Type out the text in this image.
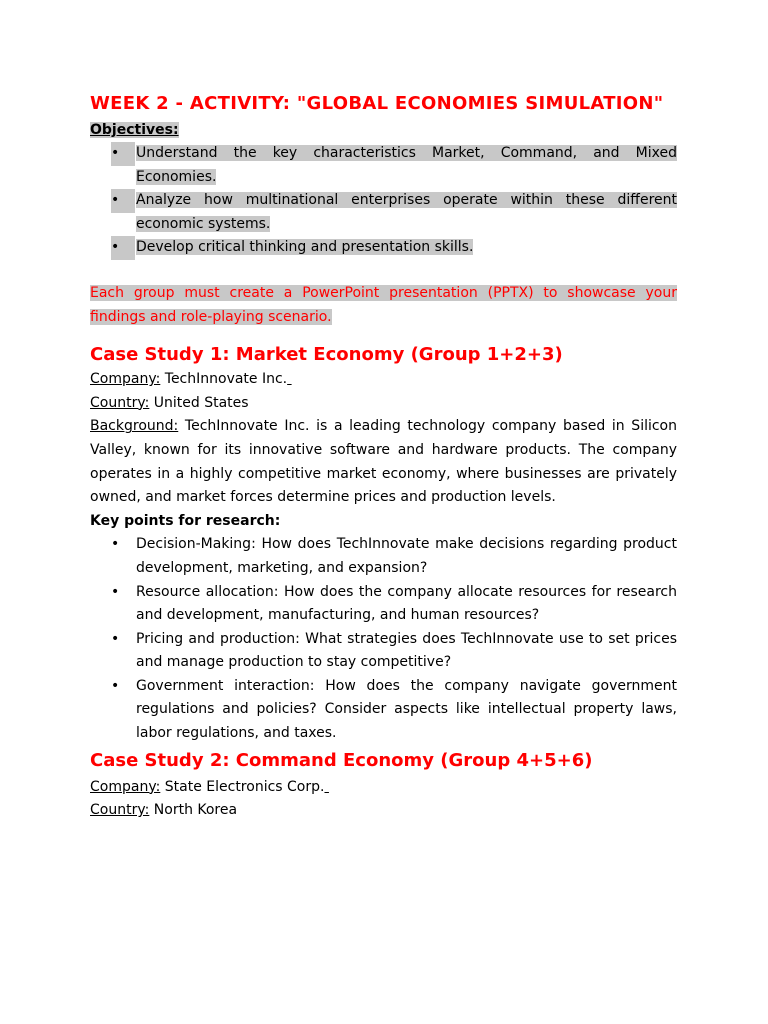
WEEK 2 - ACTIVITY: "GLOBAL ECONOMIES SIMULATION"

Objectives:

•	Understand the key characteristics Market, Command, and Mixed Economies.
•	Analyze how multinational enterprises operate within these different economic systems.
•	Develop critical thinking and presentation skills.

Each group must create a PowerPoint presentation (PPTX) to showcase your findings and role-playing scenario.

Case Study 1: Market Economy (Group 1+2+3)

Company: TechInnovate Inc.

Country: United States

Background: TechInnovate Inc. is a leading technology company based in Silicon Valley, known for its innovative software and hardware products. The company operates in a highly competitive market economy, where businesses are privately owned, and market forces determine prices and production levels.

Key points for research:

• Decision-Making: How does TechInnovate make decisions regarding product development, marketing, and expansion?
• Resource allocation: How does the company allocate resources for research and development, manufacturing, and human resources?
• Pricing and production: What strategies does TechInnovate use to set prices and manage production to stay competitive?
• Government interaction: How does the company navigate government regulations and policies? Consider aspects like intellectual property laws, labor regulations, and taxes.
Case Study 2: Command Economy (Group 4+5+6)

Company: State Electronics Corp.

Country: North Korea
